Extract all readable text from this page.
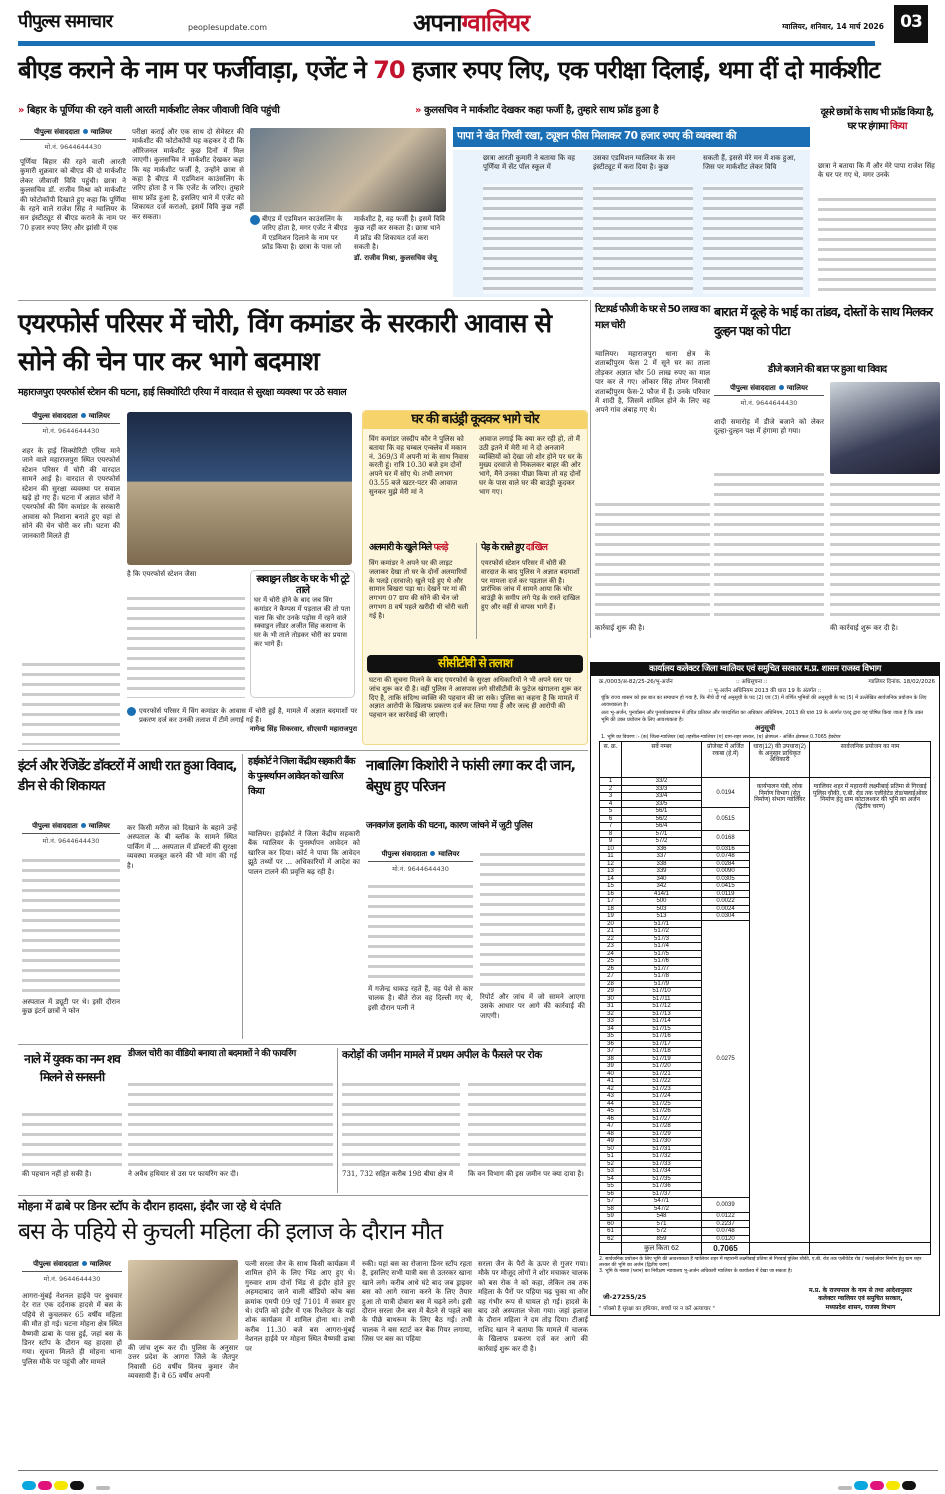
पीपुल्स समाचार	peoplesupdate.com	अपनाग्वालियर	ग्वालियर, शनिवार, 14 मार्च 2026 03
बीएड कराने के नाम पर फर्जीवाड़ा, एजेंट ने 70 हजार रुपए लिए, एक परीक्षा दिलाई, थमा दीं दो मार्कशीट
» बिहार के पूर्णिया की रहने वाली आरती मार्कशीट लेकर जीवाजी विवि पहुंची	» कुलसचिव ने मार्कशीट देखकर कहा फर्जी है, तुम्हारे साथ फ्रॉड हुआ है
पीपुल्स संवाददाता ग्वालियर
मो.नं. 9644644430

पूर्णिया बिहार की रहने वाली आरती कुमारी शुक्रवार को बीएड की दो मार्कशीट लेकर जीवाजी विवि पहुंची। छात्रा ने कुलसचिव डॉ. राजीव मिश्रा को मार्कशीट की फोटोकॉपी दिखाते हुए कहा कि पूर्णिया के रहने वाले राजेश सिंह ने ग्वालियर के सन इंस्टीट्यूट से बीएड कराने के नाम पर 70 हजार रुपए लिए और झांसी में एक

परीक्षा कराई और एक साथ दो सेमेस्टर की मार्कशीट की फोटोकॉपी यह कहकर दे दी कि ऑरिजनल मार्कशीट कुछ दिनों में मिल जाएगी। कुलसचिव ने मार्कशीट देखकर कहा कि यह मार्कशीट फर्जी है, उन्होंने छात्रा से कहा है बीएड में एडमिशन काउंसलिंग के जरिए होता है न कि एजेंट के जरिए। तुम्हारे साथ फ्रॉड हुआ है, इसलिए थाने में एजेंट को शिकायत दर्ज कराओ, इसमें विवि कुछ नहीं कर सकता।	बीएड में एडमिशन काउंसलिंग के जरिए होता है, मगर एजेंट ने बीएड में एडमिशन दिलाने के नाम पर फ्रॉड किया है। छात्रा के पास जो

मार्कशीट है, वह फर्जी है। इसमें विवि कुछ नहीं कर सकता है। छात्रा थाने में फ्रॉड की शिकायत दर्ज करा सकती है।

डॉ. राजीव मिश्रा, कुलसचिव जेयू

पापा ने खेत गिरवी रखा, ट्यूशन फीस मिलाकर 70 हजार रुपए की व्यवस्था की

छात्रा आरती कुमारी ने बताया कि वह पूर्णिया में सेंट पॉल स्कूल में

उसका एडमिशन ग्वालियर के सन इंस्टीट्यूट में करा दिया है। कुछ

सकती हैं, इससे मेरे मन में शक हुआ, जिस पर मार्कशीट लेकर विवि

दूसरे छात्रों के साथ भी फ्रॉड किया है, घर पर हंगामा किया

छात्रा ने बताया कि मैं और मेरे पापा राजेश सिंह के घर पर गए थे, मगर उनके

एयरफोर्स परिसर में चोरी, विंग कमांडर के सरकारी आवास से सोने की चेन पार कर भागे बदमाश
महाराजपुरा एयरफोर्स स्टेशन की घटना, हाई सिक्योरिटी एरिया में वारदात से सुरक्षा व्यवस्था पर उठे सवाल
पीपुल्स संवाददाता ग्वालियर
मो.नं. 9644644430

शहर के हाई सिक्योरिटी एरिया माने जाने वाले महाराजपुरा स्थित एयरफोर्स स्टेशन परिसर में चोरी की वारदात सामने आई है। वारदात से एयरफोर्स स्टेशन की सुरक्षा व्यवस्था पर सवाल खड़े हो गए हैं। घटना में अज्ञात चोरों ने एयरफोर्स की विंग कमांडर के सरकारी आवास को निशाना बनाते हुए वहां से सोने की चेन चोरी कर ली। घटना की जानकारी मिलते ही

है कि एयरफोर्स स्टेशन जैसा	स्क्वाड्रन लीडर के घर के भी टूटे ताले

घर में चोरी होने के बाद जब विंग कमांडर ने कैम्पस में पड़ताल की तो पता चला कि चोर उनके पड़ोस में रहने वाले स्क्वाड्रन लीडर अजीत सिंह कसाना के घर के भी ताले तोड़कर चोरी का प्रयास कर भागे हैं।

एयरफोर्स परिसर में विंग कमांडर के आवास में चोरी हुई है, मामले में अज्ञात बदमाशों पर प्रकरण दर्ज कर उनकी तलाश में टीमें लगाई गई हैं।

नागेन्द्र सिंह सिकरवार, सीएसपी महाराजपुरा

घर की बाउंड्री कूदकर भागे चोर

विंग कमांडर जस्दीप कौर ने पुलिस को बताया कि वह चम्बल एन्क्लेव में मकान नं. 369/3 में अपनी मां के साथ निवास करती हूं। रात्रि 10.30 बजे हम दोनों अपने घर में सोए थे। तभी लगभग 03.55 बजे खटर-पटर की आवाज सुनकर मुझे मेरी मां ने

आवाज लगाई कि क्या कर रही हो, तो मैं उठी इतने में मेरी मां ने दो अनजाने व्यक्तियों को देखा जो शोर होने पर घर के मुख्य दरवाजे से निकलकर बाहर की ओर भागे, मैंने उनका पीछा किया तो वह दोनों घर के पास वाले घर की बाउंड्री कूदकर भाग गए।

अलमारी के खुले मिले पलड़े

विंग कमांडर ने अपने घर की लाइट जलाकर देखा तो घर के दोनों अलमारियों के पलड़े (दरवाजे) खुले पड़े हुए थे और सामान बिखरा पड़ा था। देखने पर मां की लगभग 07 ग्राम की सोने की चेन जो लगभग 8 वर्ष पहले खरीदी थी चोरी चली गई है।

पेड़ के रास्ते हुए दाखिल

एयरफोर्स स्टेशन परिसर में चोरी की वारदात के बाद पुलिस ने अज्ञात बदमाशों पर मामला दर्ज कर पड़ताल की है। प्रारंभिक जांच में सामने आया कि चोर बाउंड्री के समीप लगे पेड़ के रास्ते दाखिल हुए और वहीं से वापस भागे हैं।

सीसीटीवी से तलाश

घटना की सूचना मिलने के बाद एयरफोर्स के सुरक्षा अधिकारियों ने भी अपने स्तर पर जांच शुरू कर दी है। वहीं पुलिस ने आसपास लगे सीसीटीवी के फुटेज खंगालना शुरू कर दिए है, ताकि संदिग्ध व्यक्ति की पहचान की जा सके। पुलिस का कहना है कि मामले में अज्ञात आरोपी के खिलाफ प्रकरण दर्ज कर लिया गया है और जल्द ही आरोपी की पहचान कर कार्रवाई की जाएगी।

रिटायर्ड फौजी के घर से 50 लाख का माल चोरी

ग्वालियर। महाराजपुरा थाना क्षेत्र के शताब्दीपुरम फेस 2 में सूने घर का ताला तोड़कर अज्ञात चोर 50 लाख रुपए का माल पार कर ले गए। ओंकार सिंह तोमर निवासी शताब्दीपुरम फेस-2 फौज में हैं। उनके परिवार में शादी है, जिसमें शामिल होने के लिए वह अपने गांव अंबाह गए थे।

कार्रवाई शुरू की है।

बारात में दूल्हे के भाई का तांडव, दोस्तों के साथ मिलकर दुल्हन पक्ष को पीटा
डीजे बजाने की बात पर हुआ था विवाद
पीपुल्स संवाददाता ग्वालियर
मो.नं. 9644644430

शादी समारोह में डीजे बजाने को लेकर दूल्हा-दुल्हन पक्ष में हंगामा हो गया।

की कार्रवाई शुरू कर दी है।

कार्यालय कलेक्टर जिला ग्वालियर एवं समुचित सरकार म.प्र. शासन राजस्व विभाग
क्र./0003/अ-82/25-26/भू-अर्जन	:: अधिसूचना ::	ग्वालियर दिनांक. 18/02/2026
:: भू-अर्जन अधिनियम 2013 की धारा 19 के अंतर्गत ::

चूंकि राज्य शासन को इस बात का समाधान हो गया है, कि नीचे दी गई अनुसूची के पद (2) एवं (3) में वर्णित भूमियों की अनुसूची के पद (5) में उल्लेखित सार्वजनिक प्रयोजन के लिए आवश्यकता है।

अतः भू-अर्जन, पुनर्वासन और पुनर्व्यवस्थापन में उचित प्रतिकर और पारदर्शिता का अधिकार अधिनियम, 2013 की धारा 19 के अंतर्गत एतद् द्वारा यह घोषित किया जाता है कि उक्त भूमि की उक्त प्रयोजन के लिए आवश्यकता है।

अनुसूची
1. भूमि का विवरण :- (क) जिला-ग्वालियर (ख) तहसील-ग्वालियर (ग) ग्राम-शहर लश्कर, (घ) क्षेत्रफल - अर्जित क्षेत्रफल 0.7065 हेक्टेयर
स. क्र.	सर्वे नम्बर	प्रोजेक्ट में अर्जित रकबा (हे.में)	धारा(12) की उपधारा(2) के अनुसार प्राधिकृत अधिकारी	सार्वजनिक प्रयोजन का नाम
1	33/2	0.0194	कार्यपालन यंत्री, लोक निर्माण विभाग (सेतु निर्माण) संभाग ग्वालियर	ग्वालियर शहर में महारानी लक्ष्मीबाई प्रतिमा से गिरवाई पुलिस चौकी, ए.बी. रोड तक एलीवेटेड रोड/फ्लाईओवर निर्माण हेतु ग्राम कोटालश्कर की भूमि का अर्जन (द्वितीय चरण)
2	33/3			
3	33/4			
4	33/5			
5	56/1	0.0515		
6	56/2			
7	56/4			
8	57/1	0.0168		
9	57/2			
10	336	0.0316		
11	337	0.0748		
12	338	0.0284		
13	339	0.0090		
14	340	0.0305		
15	342	0.0415		
16	414/1	0.0119		
17	500	0.0022		
18	503	0.0024		
19	513	0.0304		
20	517/1	0.0275		
21	517/2			
22	517/3			
23	517/4			
24	517/5			
25	517/6			
26	517/7			
27	517/8			
28	517/9			
29	517/10			
30	517/11			
31	517/12			
32	517/13			
33	517/14			
34	517/15			
35	517/16			
36	517/17			
37	517/18			
38	517/19			
39	517/20			
40	517/21			
41	517/22			
42	517/23			
43	517/24			
44	517/25			
45	517/26			
46	517/27			
47	517/28			
48	517/29			
49	517/30			
50	517/31			
51	517/32			
52	517/33			
53	517/34			
54	517/35			
55	517/36			
56	517/37			
57	547/1	0.0039		
58	547/2			
59	548	0.0122		
60	571	0.2237		
61	572	0.0748		
62	859	0.0120		
	कुल किता 62	0.7065		

2. सार्वजनिक प्रयोजन के लिए भूमि की आवश्यकता है ग्वालियर शहर में महारानी लक्ष्मीबाई प्रतिमा से गिरवाई पुलिस चौकी, ए.बी. रोड तक एलीवेटेड रोड / फ्लाईओवर निर्माण हेतु ग्राम शहर लश्कर की भूमि का अर्जन (द्वितीय चरण)

3. भूमि के नक्शा (प्लान) का निरीक्षण न्यायालय भू-अर्जन अधिकारी ग्वालियर के कार्यालय में देखा जा सकता है।

जी-27255/25
" पॉक्सो है सुरक्षा का हथियार, बच्चों पर न करें अत्याचार "
म.प्र. के राज्यपाल के नाम से तथा आदेशानुसार
कलेक्टर ग्वालियर एवं समुचित सरकार,
मध्यप्रदेश शासन, राजस्व विभाग
इंटर्न और रेजिडेंट डॉक्टरों में आधी रात हुआ विवाद, डीन से की शिकायत
पीपुल्स संवाददाता ग्वालियर
मो.नं. 9644644430

अस्पताल में ड्यूटी पर थे। इसी दौरान कुछ इंटर्न छात्रों ने फोन

कर किसी मरीज को दिखाने के बहाने उन्हें अस्पताल के बी ब्लॉक के सामने स्थित पार्किंग में ... अस्पताल में डॉक्टरों की सुरक्षा व्यवस्था मजबूत करने की भी मांग की गई है।

हाईकोर्ट ने जिला केंद्रीय सहकारी बैंक के पुनर्स्थापन आवेदन को खारिज किया

ग्वालियर। हाईकोर्ट ने जिला केंद्रीय सहकारी बैंक ग्वालियर के पुनर्स्थापन आवेदन को खारिज कर दिया। कोर्ट ने पाया कि आवेदन झूठे तथ्यों पर ... अधिकारियों में आदेश का पालन टालने की प्रवृत्ति बढ़ रही है।

नाबालिग किशोरी ने फांसी लगा कर दी जान, बेसुध हुए परिजन
जनकगंज इलाके की घटना, कारण जांचने में जुटी पुलिस
पीपुल्स संवाददाता ग्वालियर
मो.नं. 9644644430

में गजेन्द्र धाकड़ रहते हैं, वह पेशे से कार चालक है। बीते रोज वह दिल्ली गए थे, इसी दौरान पत्नी ने

रिपोर्ट और जांच में जो सामने आएगा उसके आधार पर आगे की कार्रवाई की जाएगी।

नाले में युवक का नग्न शव मिलने से सनसनी

की पहचान नहीं हो सकी है।

डीजल चोरी का वीडियो बनाया तो बदमाशों ने की फायरिंग

ने अवैध हथियार से उस पर फायरिंग कर दी।

करोड़ों की जमीन मामले में प्रथम अपील के फैसले पर रोक

731, 732 सहित करीब 198 बीघा क्षेत्र में	कि वन विभाग की इस जमीन पर क्या दावा है।

मोहना में ढाबे पर डिनर स्टॉप के दौरान हादसा, इंदौर जा रहे थे दंपति
बस के पहिये से कुचली महिला की इलाज के दौरान मौत
पीपुल्स संवाददाता ग्वालियर
मो.नं. 9644644430

आगरा-मुंबई नेशनल हाईवे पर बुधवार देर रात एक दर्दनाक हादसे में बस के पहिये से कुचलकर 65 वर्षीय महिला की मौत हो गई। घटना मोहना क्षेत्र स्थित वैष्णवी ढाबा के पास हुई, जहां बस के डिनर स्टॉप के दौरान यह हादसा हो गया। सूचना मिलते ही मोहना थाना पुलिस मौके पर पहुंची और मामले

की जांच शुरू कर दी। पुलिस के अनुसार उत्तर प्रदेश के आगरा जिले के जैतपुर निवासी 68 वर्षीय विनय कुमार जैन व्यवसायी हैं। वे 65 वर्षीय अपनी

पत्नी सरला जैन के साथ किसी कार्यक्रम में शामिल होने के लिए भिंड आए हुए थे। गुरुवार शाम दोनों भिंड से इंदौर होते हुए अहमदाबाद जाने वाली बॉडियो कोच बस क्रमांक एमपी 09 एई 7101 में सवार हुए थे। दंपति को इंदौर में एक रिश्तेदार के यहां शोक कार्यक्रम में शामिल होना था। तभी करीब 11.30 बजे बस आगरा-मुंबई नेशनल हाईवे पर मोहना स्थित वैष्णवी ढाबा पर

रुकी। यहां बस का रोजाना डिनर स्टॉप रहता है, इसलिए सभी यात्री बस से उतरकर खाना खाने लगे। करीब आधे घंटे बाद जब ड्राइवर बस को आगे रवाना करने के लिए तैयार हुआ तो यात्री दोबारा बस में चढ़ने लगे। इसी दौरान सरला जैन बस में बैठने से पहले बस के पीछे बाथरूम के लिए बैठ गईं। तभी चालक ने बस स्टार्ट कर बैक गियर लगाया, जिस पर बस का पहिया

सरला जैन के पैरों के ऊपर से गुजर गया। मौके पर मौजूद लोगों ने शोर मचाकर चालक को बस रोक ने को कहा, लेकिन तब तक महिला के पैरों पर पहिया चढ़ चुका था और वह गंभीर रूप से घायल हो गई। हादसे के बाद उसे अस्पताल भेजा गया। जहां इलाज के दौरान महिला ने दम तोड़ दिया। टीआई राशिद खान ने बताया कि मामले में चालक के खिलाफ प्रकरण दर्ज कर आगे की कार्रवाई शुरू कर दी है।
